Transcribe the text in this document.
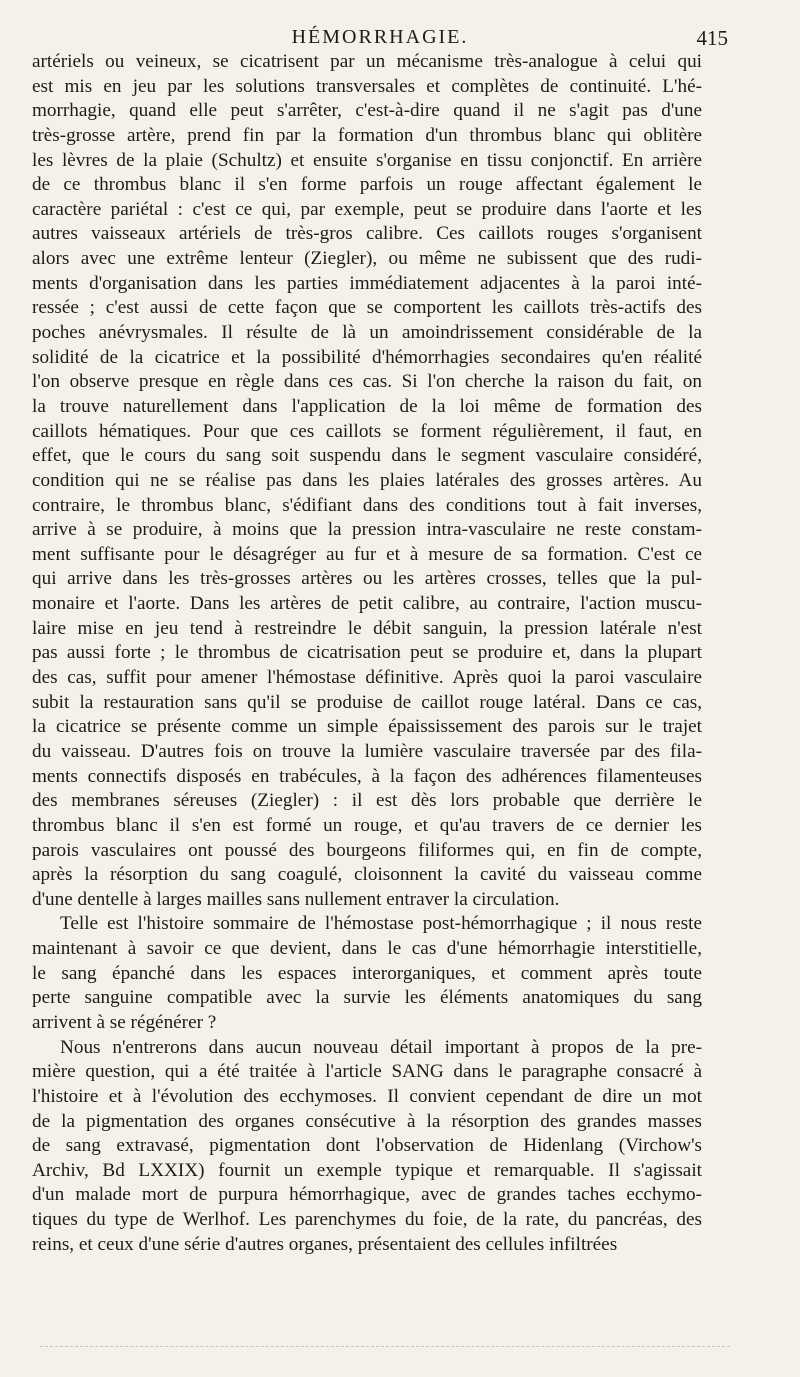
HÉMORRHAGIE.	415
artériels ou veineux, se cicatrisent par un mécanisme très-analogue à celui qui
est mis en jeu par les solutions transversales et complètes de continuité. L'hé-
morrhagie, quand elle peut s'arrêter, c'est-à-dire quand il ne s'agit pas d'une
très-grosse artère, prend fin par la formation d'un thrombus blanc qui oblitère
les lèvres de la plaie (Schultz) et ensuite s'organise en tissu conjonctif. En arrière
de ce thrombus blanc il s'en forme parfois un rouge affectant également le
caractère pariétal : c'est ce qui, par exemple, peut se produire dans l'aorte et les
autres vaisseaux artériels de très-gros calibre. Ces caillots rouges s'organisent
alors avec une extrême lenteur (Ziegler), ou même ne subissent que des rudi-
ments d'organisation dans les parties immédiatement adjacentes à la paroi inté-
ressée ; c'est aussi de cette façon que se comportent les caillots très-actifs des
poches anévrysmales. Il résulte de là un amoindrissement considérable de la
solidité de la cicatrice et la possibilité d'hémorrhagies secondaires qu'en réalité
l'on observe presque en règle dans ces cas. Si l'on cherche la raison du fait, on
la trouve naturellement dans l'application de la loi même de formation des
caillots hématiques. Pour que ces caillots se forment régulièrement, il faut, en
effet, que le cours du sang soit suspendu dans le segment vasculaire considéré,
condition qui ne se réalise pas dans les plaies latérales des grosses artères. Au
contraire, le thrombus blanc, s'édifiant dans des conditions tout à fait inverses,
arrive à se produire, à moins que la pression intra-vasculaire ne reste constam-
ment suffisante pour le désagréger au fur et à mesure de sa formation. C'est ce
qui arrive dans les très-grosses artères ou les artères crosses, telles que la pul-
monaire et l'aorte. Dans les artères de petit calibre, au contraire, l'action muscu-
laire mise en jeu tend à restreindre le débit sanguin, la pression latérale n'est
pas aussi forte ; le thrombus de cicatrisation peut se produire et, dans la plupart
des cas, suffit pour amener l'hémostase définitive. Après quoi la paroi vasculaire
subit la restauration sans qu'il se produise de caillot rouge latéral. Dans ce cas,
la cicatrice se présente comme un simple épaississement des parois sur le trajet
du vaisseau. D'autres fois on trouve la lumière vasculaire traversée par des fila-
ments connectifs disposés en trabécules, à la façon des adhérences filamenteuses
des membranes séreuses (Ziegler) : il est dès lors probable que derrière le
thrombus blanc il s'en est formé un rouge, et qu'au travers de ce dernier les
parois vasculaires ont poussé des bourgeons filiformes qui, en fin de compte,
après la résorption du sang coagulé, cloisonnent la cavité du vaisseau comme
d'une dentelle à larges mailles sans nullement entraver la circulation.
Telle est l'histoire sommaire de l'hémostase post-hémorrhagique ; il nous reste
maintenant à savoir ce que devient, dans le cas d'une hémorrhagie interstitielle,
le sang épanché dans les espaces interorganiques, et comment après toute
perte sanguine compatible avec la survie les éléments anatomiques du sang
arrivent à se régénérer ?
Nous n'entrerons dans aucun nouveau détail important à propos de la pre-
mière question, qui a été traitée à l'article SANG dans le paragraphe consacré à
l'histoire et à l'évolution des ecchymoses. Il convient cependant de dire un mot
de la pigmentation des organes consécutive à la résorption des grandes masses
de sang extravasé, pigmentation dont l'observation de Hidenlang (Virchow's
Archiv, Bd LXXIX) fournit un exemple typique et remarquable. Il s'agissait
d'un malade mort de purpura hémorrhagique, avec de grandes taches ecchymo-
tiques du type de Werlhof. Les parenchymes du foie, de la rate, du pancréas, des
reins, et ceux d'une série d'autres organes, présentaient des cellules infiltrées
